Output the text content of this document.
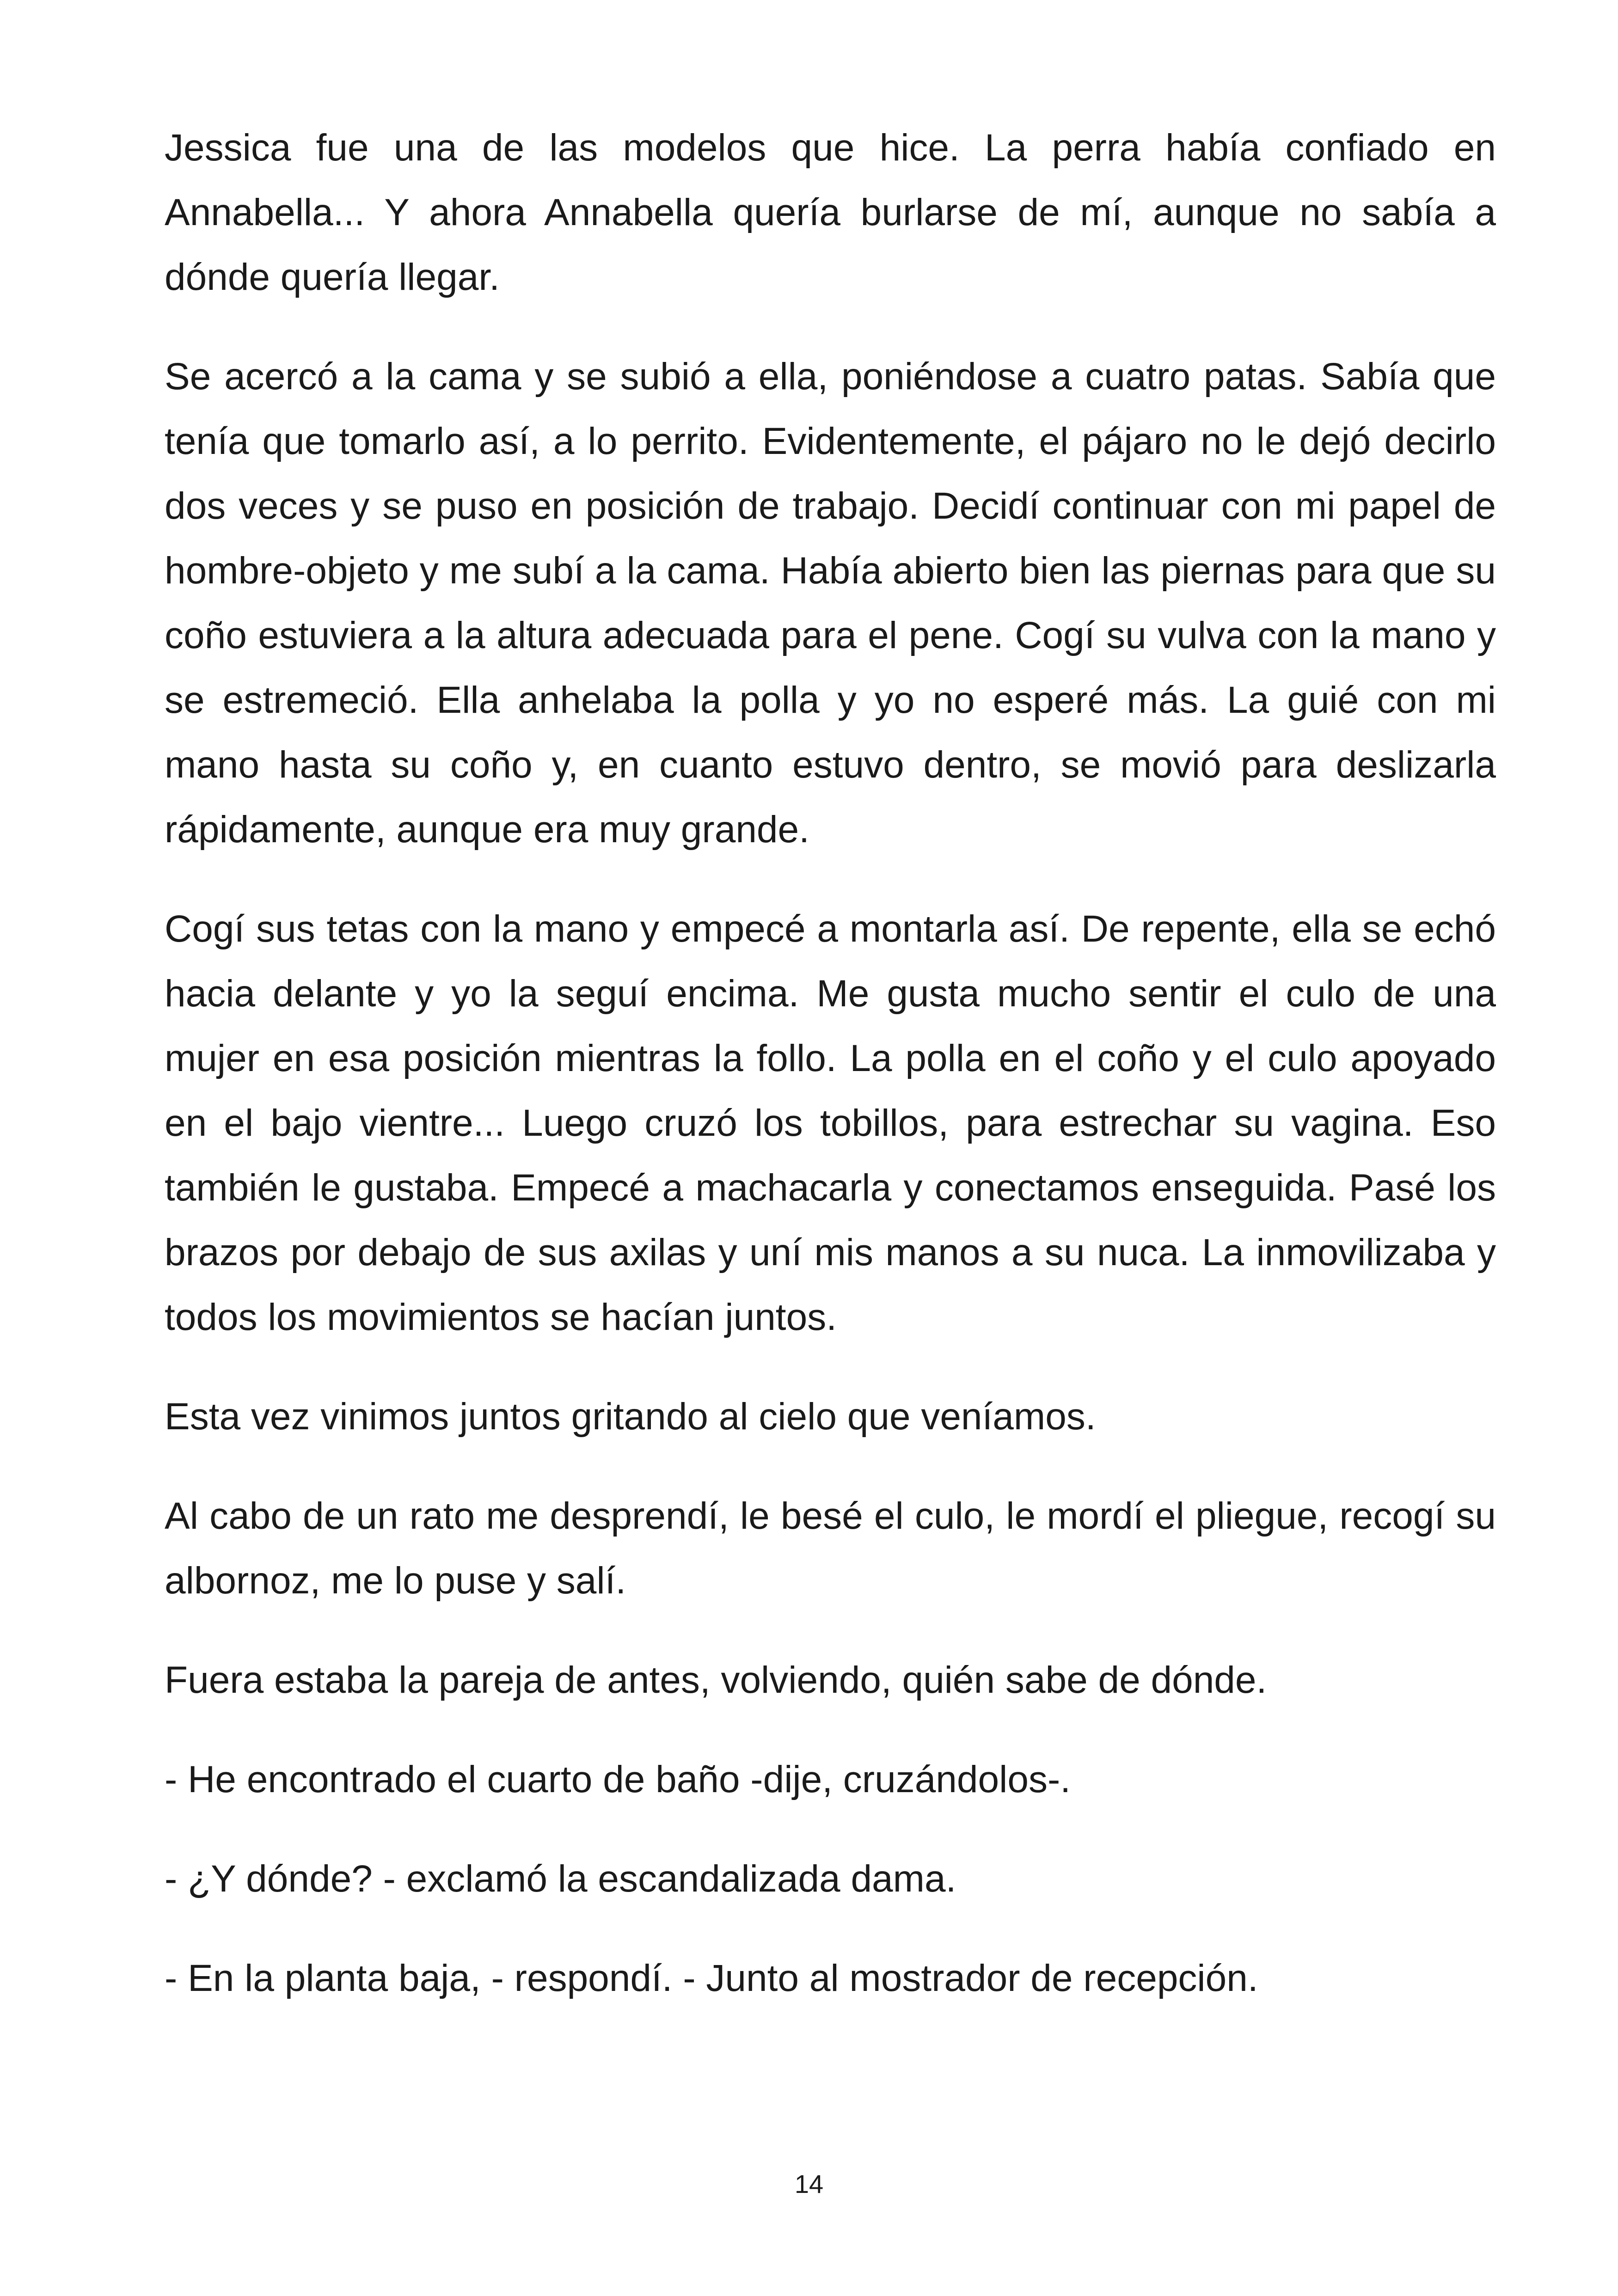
Jessica fue una de las modelos que hice. La perra había confiado en Annabella... Y ahora Annabella quería burlarse de mí, aunque no sabía a dónde quería llegar.

Se acercó a la cama y se subió a ella, poniéndose a cuatro patas. Sabía que tenía que tomarlo así, a lo perrito. Evidentemente, el pájaro no le dejó decirlo dos veces y se puso en posición de trabajo. Decidí continuar con mi papel de hombre-objeto y me subí a la cama. Había abierto bien las piernas para que su coño estuviera a la altura adecuada para el pene. Cogí su vulva con la mano y se estremeció. Ella anhelaba la polla y yo no esperé más. La guié con mi mano hasta su coño y, en cuanto estuvo dentro, se movió para deslizarla rápidamente, aunque era muy grande.

Cogí sus tetas con la mano y empecé a montarla así. De repente, ella se echó hacia delante y yo la seguí encima. Me gusta mucho sentir el culo de una mujer en esa posición mientras la follo. La polla en el coño y el culo apoyado en el bajo vientre... Luego cruzó los tobillos, para estrechar su vagina. Eso también le gustaba. Empecé a machacarla y conectamos enseguida. Pasé los brazos por debajo de sus axilas y uní mis manos a su nuca. La inmovilizaba y todos los movimientos se hacían juntos.

Esta vez vinimos juntos gritando al cielo que veníamos.

Al cabo de un rato me desprendí, le besé el culo, le mordí el pliegue, recogí su albornoz, me lo puse y salí.

Fuera estaba la pareja de antes, volviendo, quién sabe de dónde.

- He encontrado el cuarto de baño -dije, cruzándolos-.

- ¿Y dónde? - exclamó la escandalizada dama.

- En la planta baja, - respondí. - Junto al mostrador de recepción.

14
